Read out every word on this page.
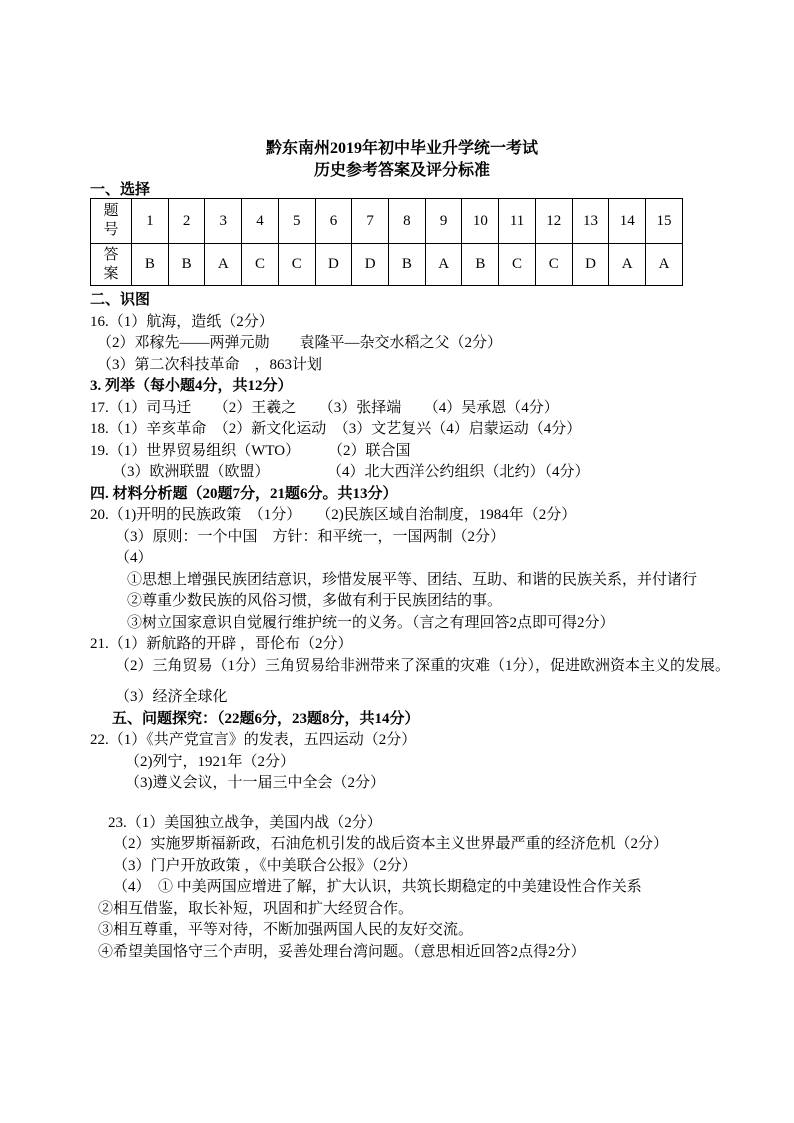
黔东南州2019年初中毕业升学统一考试
历史参考答案及评分标准
一、选择
题号	1	2	3	4	5	6	7	8	9	10	11	12	13	14	15
答案	B	B	A	C	C	D	D	B	A	B	C	C	D	A	A
二、识图
16.（1）航海，造纸（2分）
（2）邓稼先——两弹元勋　　袁隆平—杂交水稻之父（2分）
（3）第二次科技革命　，863计划
3. 列举（每小题4分，共12分）
17.（1）司马迁　　（2）王羲之　　（3）张择端　　（4）吴承恩（4分）
18.（1）辛亥革命　（2）新文化运动　（3）文艺复兴（4）启蒙运动（4分）
19.（1）世界贸易组织（WTO）	（2）联合国
（3）欧洲联盟（欧盟）	（4）北大西洋公约组织（北约）（4分）
四. 材料分析题（20题7分，21题6分。共13分）
20.（1)开明的民族政策　（1分）　　（2)民族区域自治制度，1984年（2分）
（3）原则：一个中国　方针：和平统一，一国两制（2分）
（4）
①思想上增强民族团结意识，珍惜发展平等、团结、互助、和谐的民族关系，并付诸行
②尊重少数民族的风俗习惯，多做有利于民族团结的事。
③树立国家意识自觉履行维护统一的义务。（言之有理回答2点即可得2分）
21.（1）新航路的开辟 ，哥伦布（2分）
（2）三角贸易（1分）三角贸易给非洲带来了深重的灾难（1分），促进欧洲资本主义的发展。
（3）经济全球化
五、问题探究：（22题6分，23题8分，共14分）
22.（1）《共产党宣言》的发表，五四运动（2分）
（2)列宁，1921年（2分）
（3)遵义会议，十一届三中全会（2分）
23.（1）美国独立战争，美国内战（2分）
（2）实施罗斯福新政，石油危机引发的战后资本主义世界最严重的经济危机（2分）
（3）门户开放政策 ，《中美联合公报》（2分）
（4）　① 中美两国应增进了解，扩大认识，共筑长期稳定的中美建设性合作关系
②相互借鉴，取长补短，巩固和扩大经贸合作。
③相互尊重，平等对待，不断加强两国人民的友好交流。
④希望美国恪守三个声明，妥善处理台湾问题。（意思相近回答2点得2分）
